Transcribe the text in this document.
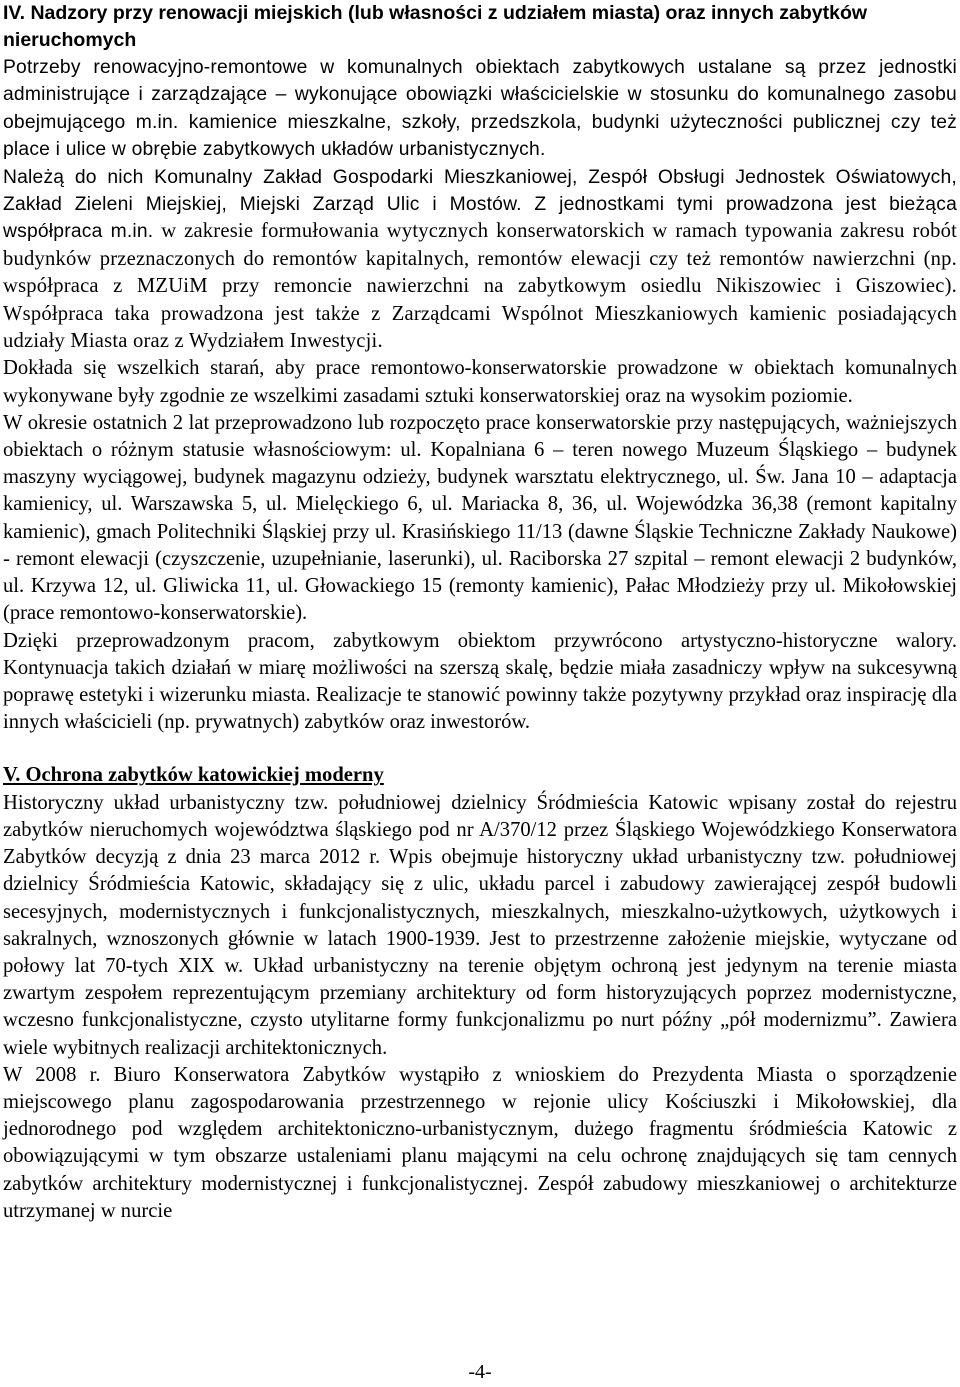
IV. Nadzory przy renowacji miejskich (lub własności z udziałem miasta) oraz innych zabytków nieruchomych

Potrzeby renowacyjno-remontowe w komunalnych obiektach zabytkowych ustalane są przez jednostki administrujące i zarządzające – wykonujące obowiązki właścicielskie w stosunku do komunalnego zasobu obejmującego m.in. kamienice mieszkalne, szkoły, przedszkola, budynki użyteczności publicznej czy też place i ulice w obrębie zabytkowych układów urbanistycznych.

Należą do nich Komunalny Zakład Gospodarki Mieszkaniowej, Zespół Obsługi Jednostek Oświatowych, Zakład Zieleni Miejskiej, Miejski Zarząd Ulic i Mostów. Z jednostkami tymi prowadzona jest bieżąca współpraca m.in. w zakresie formułowania wytycznych konserwatorskich w ramach typowania zakresu robót budynków przeznaczonych do remontów kapitalnych, remontów elewacji czy też remontów nawierzchni (np. współpraca z MZUiM przy remoncie nawierzchni na zabytkowym osiedlu Nikiszowiec i Giszowiec). Współpraca taka prowadzona jest także z Zarządcami Wspólnot Mieszkaniowych kamienic posiadających udziały Miasta oraz z Wydziałem Inwestycji.

Dokłada się wszelkich starań, aby prace remontowo-konserwatorskie prowadzone w obiektach komunalnych wykonywane były zgodnie ze wszelkimi zasadami sztuki konserwatorskiej oraz na wysokim poziomie.

W okresie ostatnich 2 lat przeprowadzono lub rozpoczęto prace konserwatorskie przy następujących, ważniejszych obiektach o różnym statusie własnościowym: ul. Kopalniana 6 – teren nowego Muzeum Śląskiego – budynek maszyny wyciągowej, budynek magazynu odzieży, budynek warsztatu elektrycznego, ul. Św. Jana 10 – adaptacja kamienicy, ul. Warszawska 5, ul. Mielęckiego 6, ul. Mariacka 8, 36, ul. Wojewódzka 36,38 (remont kapitalny kamienic), gmach Politechniki Śląskiej przy ul. Krasińskiego 11/13 (dawne Śląskie Techniczne Zakłady Naukowe) - remont elewacji (czyszczenie, uzupełnianie, laserunki), ul. Raciborska 27 szpital – remont elewacji 2 budynków, ul. Krzywa 12, ul. Gliwicka 11, ul. Głowackiego 15 (remonty kamienic), Pałac Młodzieży przy ul. Mikołowskiej (prace remontowo-konserwatorskie).

Dzięki przeprowadzonym pracom, zabytkowym obiektom przywrócono artystyczno-historyczne walory. Kontynuacja takich działań w miarę możliwości na szerszą skalę, będzie miała zasadniczy wpływ na sukcesywną poprawę estetyki i wizerunku miasta. Realizacje te stanowić powinny także pozytywny przykład oraz inspirację dla innych właścicieli (np. prywatnych) zabytków oraz inwestorów.

V. Ochrona zabytków katowickiej moderny

Historyczny układ urbanistyczny tzw. południowej dzielnicy Śródmieścia Katowic wpisany został do rejestru zabytków nieruchomych województwa śląskiego pod nr A/370/12 przez Śląskiego Wojewódzkiego Konserwatora Zabytków decyzją z dnia 23 marca 2012 r. Wpis obejmuje historyczny układ urbanistyczny tzw. południowej dzielnicy Śródmieścia Katowic, składający się z ulic, układu parcel i zabudowy zawierającej zespół budowli secesyjnych, modernistycznych i funkcjonalistycznych, mieszkalnych, mieszkalno-użytkowych, użytkowych i sakralnych, wznoszonych głównie w latach 1900-1939. Jest to przestrzenne założenie miejskie, wytyczane od połowy lat 70-tych XIX w. Układ urbanistyczny na terenie objętym ochroną jest jedynym na terenie miasta zwartym zespołem reprezentującym przemiany architektury od form historyzujących poprzez modernistyczne, wczesno funkcjonalistyczne, czysto utylitarne formy funkcjonalizmu po nurt późny „pół modernizmu”. Zawiera wiele wybitnych realizacji architektonicznych.

W 2008 r. Biuro Konserwatora Zabytków wystąpiło z wnioskiem do Prezydenta Miasta o sporządzenie miejscowego planu zagospodarowania przestrzennego w rejonie ulicy Kościuszki i Mikołowskiej, dla jednorodnego pod względem architektoniczno-urbanistycznym, dużego fragmentu śródmieścia Katowic z obowiązującymi w tym obszarze ustaleniami planu mającymi na celu ochronę znajdujących się tam cennych zabytków architektury modernistycznej i funkcjonalistycznej. Zespół zabudowy mieszkaniowej o architekturze utrzymanej w nurcie

-4-
